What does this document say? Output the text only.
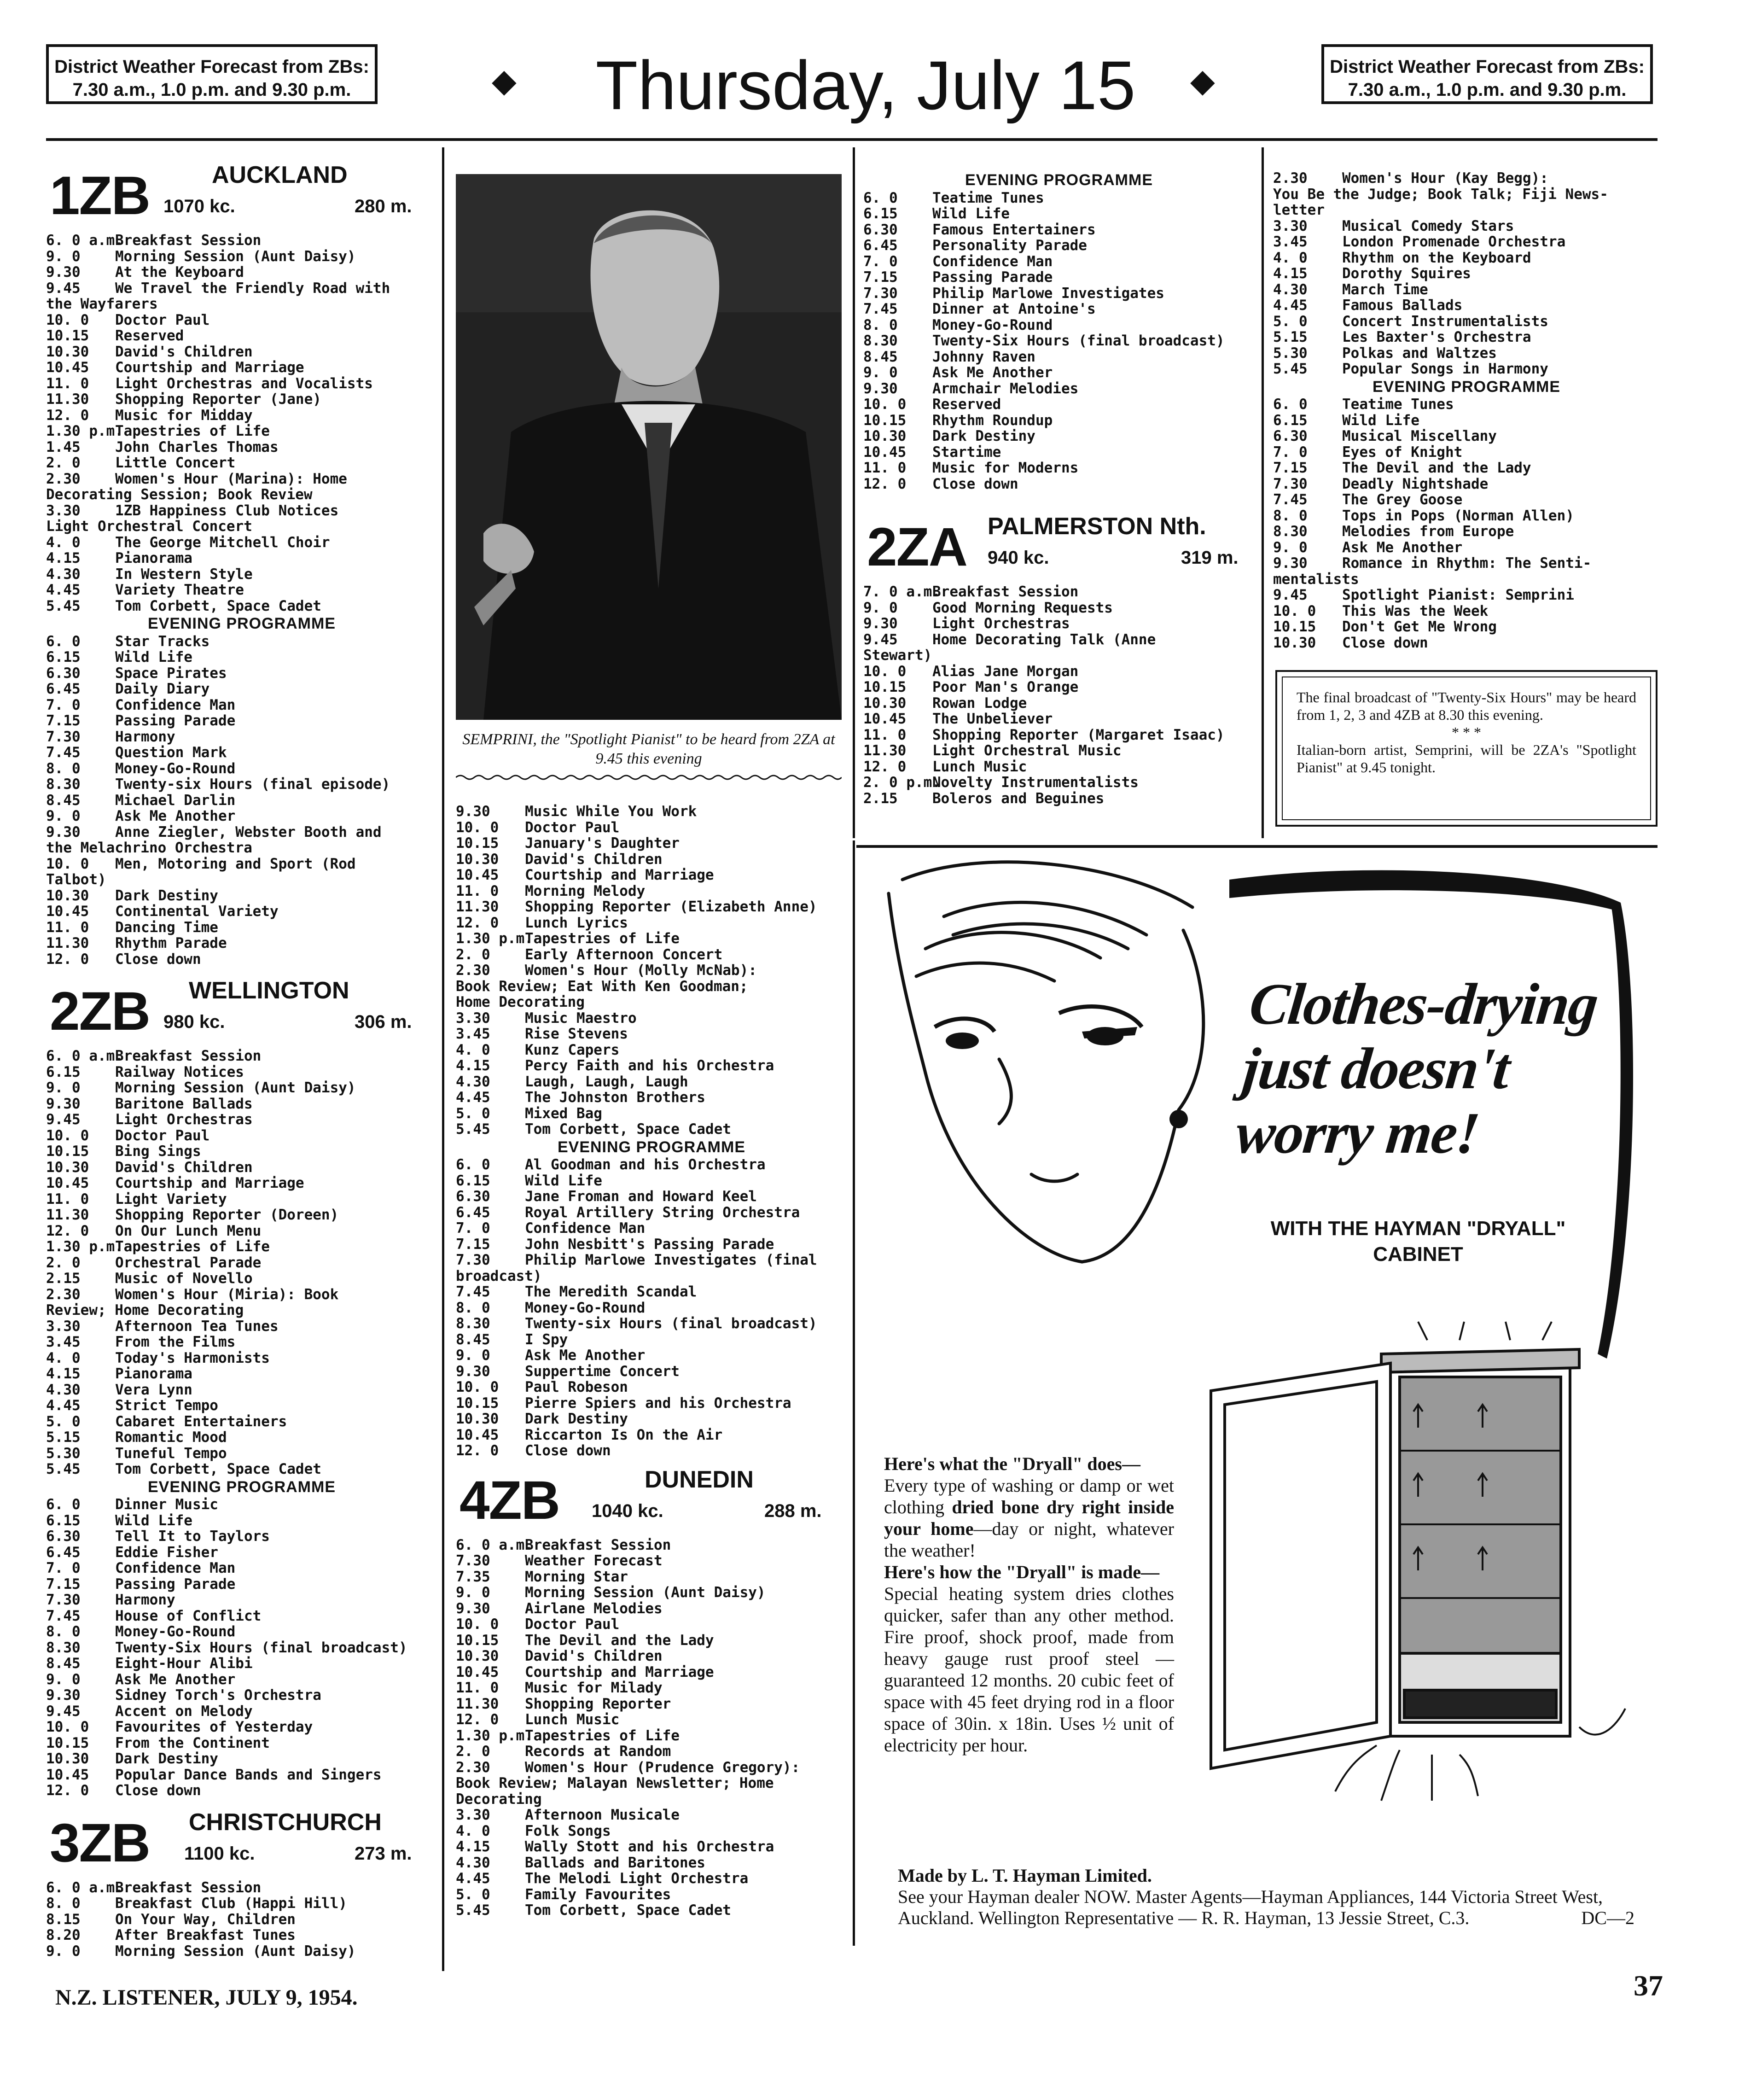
District Weather Forecast from ZBs:
7.30 a.m., 1.0 p.m. and 9.30 p.m.	◆	Thursday, July 15	◆	District Weather Forecast from ZBs:
7.30 a.m., 1.0 p.m. and 9.30 p.m.
1ZB	AUCKLAND
1070 kc.	280 m.
6. 0 a.m.Breakfast Session
9. 0 Morning Session (Aunt Daisy)
9.30 At the Keyboard
9.45 We Travel the Friendly Road with
the Wayfarers
10. 0 Doctor Paul
10.15 Reserved
10.30 David's Children
10.45 Courtship and Marriage
11. 0 Light Orchestras and Vocalists
11.30 Shopping Reporter (Jane)
12. 0 Music for Midday
1.30 p.m.Tapestries of Life
1.45 John Charles Thomas
2. 0 Little Concert
2.30 Women's Hour (Marina): Home
Decorating Session; Book Review
3.30 1ZB Happiness Club Notices
Light Orchestral Concert
4. 0 The George Mitchell Choir
4.15 Pianorama
4.30 In Western Style
4.45 Variety Theatre
5.45 Tom Corbett, Space Cadet
EVENING PROGRAMME
6. 0 Star Tracks
6.15 Wild Life
6.30 Space Pirates
6.45 Daily Diary
7. 0 Confidence Man
7.15 Passing Parade
7.30 Harmony
7.45 Question Mark
8. 0 Money-Go-Round
8.30 Twenty-six Hours (final episode)
8.45 Michael Darlin
9. 0 Ask Me Another
9.30 Anne Ziegler, Webster Booth and
the Melachrino Orchestra
10. 0 Men, Motoring and Sport (Rod
Talbot)
10.30 Dark Destiny
10.45 Continental Variety
11. 0 Dancing Time
11.30 Rhythm Parade
12. 0 Close down
2ZB WELLINGTON
980 kc.	306 m.
6. 0 a.m.Breakfast Session
6.15 Railway Notices
9. 0 Morning Session (Aunt Daisy)
9.30 Baritone Ballads
9.45 Light Orchestras
10. 0 Doctor Paul
10.15 Bing Sings
10.30 David's Children
10.45 Courtship and Marriage
11. 0 Light Variety
11.30 Shopping Reporter (Doreen)
12. 0 On Our Lunch Menu
1.30 p.m.Tapestries of Life
2. 0 Orchestral Parade
2.15 Music of Novello
2.30 Women's Hour (Miria): Book
Review; Home Decorating
3.30 Afternoon Tea Tunes
3.45 From the Films
4. 0 Today's Harmonists
4.15 Pianorama
4.30 Vera Lynn
4.45 Strict Tempo
5. 0 Cabaret Entertainers
5.15 Romantic Mood
5.30 Tuneful Tempo
5.45 Tom Corbett, Space Cadet
EVENING PROGRAMME
6. 0 Dinner Music
6.15 Wild Life
6.30 Tell It to Taylors
6.45 Eddie Fisher
7. 0 Confidence Man
7.15 Passing Parade
7.30 Harmony
7.45 House of Conflict
8. 0 Money-Go-Round
8.30 Twenty-Six Hours (final broadcast)
8.45 Eight-Hour Alibi
9. 0 Ask Me Another
9.30 Sidney Torch's Orchestra
9.45 Accent on Melody
10. 0 Favourites of Yesterday
10.15 From the Continent
10.30 Dark Destiny
10.45 Popular Dance Bands and Singers
12. 0 Close down
3ZB CHRISTCHURCH
1100 kc.	273 m.
6. 0 a.m.Breakfast Session
8. 0 Breakfast Club (Happi Hill)
8.15 On Your Way, Children
8.20 After Breakfast Tunes
9. 0 Morning Session (Aunt Daisy)
SEMPRINI, the "Spotlight Pianist" to be heard from 2ZA at 9.45 this evening
9.30 Music While You Work
10. 0 Doctor Paul
10.15 January's Daughter
10.30 David's Children
10.45 Courtship and Marriage
11. 0 Morning Melody
11.30 Shopping Reporter (Elizabeth Anne)
12. 0 Lunch Lyrics
1.30 p.m.Tapestries of Life
2. 0 Early Afternoon Concert
2.30 Women's Hour (Molly McNab):
Book Review; Eat With Ken Goodman;
Home Decorating
3.30 Music Maestro
3.45 Rise Stevens
4. 0 Kunz Capers
4.15 Percy Faith and his Orchestra
4.30 Laugh, Laugh, Laugh
4.45 The Johnston Brothers
5. 0 Mixed Bag
5.45 Tom Corbett, Space Cadet
EVENING PROGRAMME
6. 0 Al Goodman and his Orchestra
6.15 Wild Life
6.30 Jane Froman and Howard Keel
6.45 Royal Artillery String Orchestra
7. 0 Confidence Man
7.15 John Nesbitt's Passing Parade
7.30 Philip Marlowe Investigates (final
broadcast)
7.45 The Meredith Scandal
8. 0 Money-Go-Round
8.30 Twenty-six Hours (final broadcast)
8.45 I Spy
9. 0 Ask Me Another
9.30 Suppertime Concert
10. 0 Paul Robeson
10.15 Pierre Spiers and his Orchestra
10.30 Dark Destiny
10.45 Riccarton Is On the Air
12. 0 Close down
4ZB	DUNEDIN
1040 kc.	288 m.
6. 0 a.m.Breakfast Session
7.30 Weather Forecast
7.35 Morning Star
9. 0 Morning Session (Aunt Daisy)
9.30 Airlane Melodies
10. 0 Doctor Paul
10.15 The Devil and the Lady
10.30 David's Children
10.45 Courtship and Marriage
11. 0 Music for Milady
11.30 Shopping Reporter
12. 0 Lunch Music
1.30 p.m.Tapestries of Life
2. 0 Records at Random
2.30 Women's Hour (Prudence Gregory):
Book Review; Malayan Newsletter; Home
Decorating
3.30 Afternoon Musicale
4. 0 Folk Songs
4.15 Wally Stott and his Orchestra
4.30 Ballads and Baritones
4.45 The Melodi Light Orchestra
5. 0 Family Favourites
5.45 Tom Corbett, Space Cadet
EVENING PROGRAMME
6. 0 Teatime Tunes
6.15 Wild Life
6.30 Famous Entertainers
6.45 Personality Parade
7. 0 Confidence Man
7.15 Passing Parade
7.30 Philip Marlowe Investigates
7.45 Dinner at Antoine's
8. 0 Money-Go-Round
8.30 Twenty-Six Hours (final broadcast)
8.45 Johnny Raven
9. 0 Ask Me Another
9.30 Armchair Melodies
10. 0 Reserved
10.15 Rhythm Roundup
10.30 Dark Destiny
10.45 Startime
11. 0 Music for Moderns
12. 0 Close down
2ZA PALMERSTON Nth.
940 kc.	319 m.
7. 0 a.m.Breakfast Session
9. 0 Good Morning Requests
9.30 Light Orchestras
9.45 Home Decorating Talk (Anne
Stewart)
10. 0 Alias Jane Morgan
10.15 Poor Man's Orange
10.30 Rowan Lodge
10.45 The Unbeliever
11. 0 Shopping Reporter (Margaret Isaac)
11.30 Light Orchestral Music
12. 0 Lunch Music
2. 0 p.m.Novelty Instrumentalists
2.15 Boleros and Beguines
2.30 Women's Hour (Kay Begg):
You Be the Judge; Book Talk; Fiji News-
letter
3.30 Musical Comedy Stars
3.45 London Promenade Orchestra
4. 0 Rhythm on the Keyboard
4.15 Dorothy Squires
4.30 March Time
4.45 Famous Ballads
5. 0 Concert Instrumentalists
5.15 Les Baxter's Orchestra
5.30 Polkas and Waltzes
5.45 Popular Songs in Harmony
EVENING PROGRAMME
6. 0 Teatime Tunes
6.15 Wild Life
6.30 Musical Miscellany
7. 0 Eyes of Knight
7.15 The Devil and the Lady
7.30 Deadly Nightshade
7.45 The Grey Goose
8. 0 Tops in Pops (Norman Allen)
8.30 Melodies from Europe
9. 0 Ask Me Another
9.30 Romance in Rhythm: The Senti-
mentalists
9.45 Spotlight Pianist: Semprini
10. 0 This Was the Week
10.15 Don't Get Me Wrong
10.30 Close down
The final broadcast of "Twenty-Six Hours" may be heard from 1, 2, 3 and 4ZB at 8.30 this evening.
* * *
Italian-born artist, Semprini, will be 2ZA's "Spotlight Pianist" at 9.45 tonight.
Clothes-drying
just doesn't
worry me!
WITH THE HAYMAN "DRYALL"
CABINET
Here's what the "Dryall" does—
Every type of washing or damp or wet clothing dried bone dry right inside your home—day or night, whatever the weather!
Here's how the "Dryall" is made—
Special heating system dries clothes quicker, safer than any other method. Fire proof, shock proof, made from heavy gauge rust proof steel — guaranteed 12 months. 20 cubic feet of space with 45 feet drying rod in a floor space of 30in. x 18in. Uses ½ unit of electricity per hour.
Made by L. T. Hayman Limited.
See your Hayman dealer NOW. Master Agents—Hayman Appliances, 144 Victoria Street West, Auckland. Wellington Representative — R. R. Hayman, 13 Jessie Street, C.3.	DC—2
N.Z. LISTENER, JULY 9, 1954.	37
